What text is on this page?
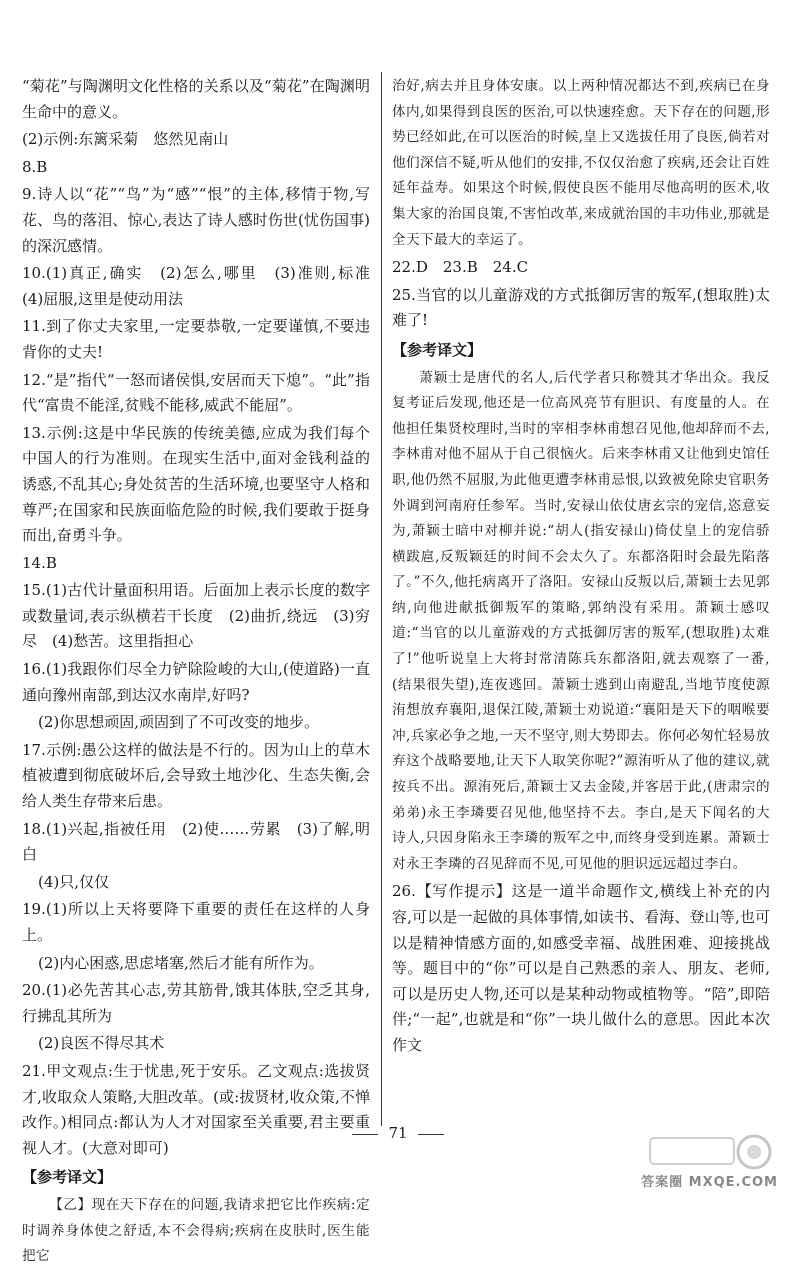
“菊花”与陶渊明文化性格的关系以及“菊花”在陶渊明生命中的意义。
(2)示例:东篱采菊　悠然见南山
8.B
9.诗人以“花”“鸟”为“感”“恨”的主体,移情于物,写花、鸟的落泪、惊心,表达了诗人感时伤世(忧伤国事)的深沉感情。
10.(1)真正,确实　(2)怎么,哪里　(3)准则,标准　(4)屈服,这里是使动用法
11.到了你丈夫家里,一定要恭敬,一定要谨慎,不要违背你的丈夫!
12.“是”指代“一怒而诸侯惧,安居而天下熄”。“此”指代“富贵不能淫,贫贱不能移,威武不能屈”。
13.示例:这是中华民族的传统美德,应成为我们每个中国人的行为准则。在现实生活中,面对金钱利益的诱惑,不乱其心;身处贫苦的生活环境,也要坚守人格和尊严;在国家和民族面临危险的时候,我们要敢于挺身而出,奋勇斗争。
14.B
15.(1)古代计量面积用语。后面加上表示长度的数字或数量词,表示纵横若干长度　(2)曲折,绕远　(3)穷尽　(4)愁苦。这里指担心
16.(1)我跟你们尽全力铲除险峻的大山,(使道路)一直通向豫州南部,到达汉水南岸,好吗?
(2)你思想顽固,顽固到了不可改变的地步。
17.示例:愚公这样的做法是不行的。因为山上的草木植被遭到彻底破坏后,会导致土地沙化、生态失衡,会给人类生存带来后患。
18.(1)兴起,指被任用　(2)使……劳累　(3)了解,明白
(4)只,仅仅
19.(1)所以上天将要降下重要的责任在这样的人身上。
(2)内心困惑,思虑堵塞,然后才能有所作为。
20.(1)必先苦其心志,劳其筋骨,饿其体肤,空乏其身,行拂乱其所为
(2)良医不得尽其术
21.甲文观点:生于忧患,死于安乐。乙文观点:选拔贤才,收取众人策略,大胆改革。(或:拔贤材,收众策,不惮改作。)相同点:都认为人才对国家至关重要,君主要重视人才。(大意对即可)
【参考译文】
【乙】现在天下存在的问题,我请求把它比作疾病:定时调养身体使之舒适,本不会得病;疾病在皮肤时,医生能把它
治好,病去并且身体安康。以上两种情况都达不到,疾病已在身体内,如果得到良医的医治,可以快速痊愈。天下存在的问题,形势已经如此,在可以医治的时候,皇上又选拔任用了良医,倘若对他们深信不疑,听从他们的安排,不仅仅治愈了疾病,还会让百姓延年益寿。如果这个时候,假使良医不能用尽他高明的医术,收集大家的治国良策,不害怕改革,来成就治国的丰功伟业,那就是全天下最大的幸运了。
22.D　23.B　24.C
25.当官的以儿童游戏的方式抵御厉害的叛军,(想取胜)太难了!
【参考译文】
萧颖士是唐代的名人,后代学者只称赞其才华出众。我反复考证后发现,他还是一位高风亮节有胆识、有度量的人。在他担任集贤校理时,当时的宰相李林甫想召见他,他却辞而不去,李林甫对他不屈从于自己很恼火。后来李林甫又让他到史馆任职,他仍然不屈服,为此他更遭李林甫忌恨,以致被免除史官职务外调到河南府任参军。当时,安禄山依仗唐玄宗的宠信,恣意妄为,萧颖士暗中对柳并说:“胡人(指安禄山)倚仗皇上的宠信骄横跋扈,反叛颖廷的时间不会太久了。东都洛阳时会最先陷落了。”不久,他托病离开了洛阳。安禄山反叛以后,萧颖士去见郭纳,向他进献抵御叛军的策略,郭纳没有采用。萧颖士感叹道:“当官的以儿童游戏的方式抵御厉害的叛军,(想取胜)太难了!”他听说皇上大将封常清陈兵东都洛阳,就去观察了一番,(结果很失望),连夜逃回。萧颖士逃到山南避乱,当地节度使源洧想放弃襄阳,退保江陵,萧颖士劝说道:“襄阳是天下的咽喉要冲,兵家必争之地,一天不坚守,则大势即去。你何必匆忙轻易放弃这个战略要地,让天下人取笑你呢?”源洧听从了他的建议,就按兵不出。源洧死后,萧颖士又去金陵,并客居于此,(唐肃宗的弟弟)永王李璘要召见他,他坚持不去。李白,是天下闻名的大诗人,只因身陷永王李璘的叛军之中,而终身受到连累。萧颖士对永王李璘的召见辞而不见,可见他的胆识远远超过李白。
26.【写作提示】这是一道半命题作文,横线上补充的内容,可以是一起做的具体事情,如读书、看海、登山等,也可以是精神情感方面的,如感受幸福、战胜困难、迎接挑战等。题目中的“你”可以是自己熟悉的亲人、朋友、老师,可以是历史人物,还可以是某种动物或植物等。“陪”,即陪伴;“一起”,也就是和“你”一块儿做什么的意思。因此本次作文
71
答案圈 MXQE.COM
